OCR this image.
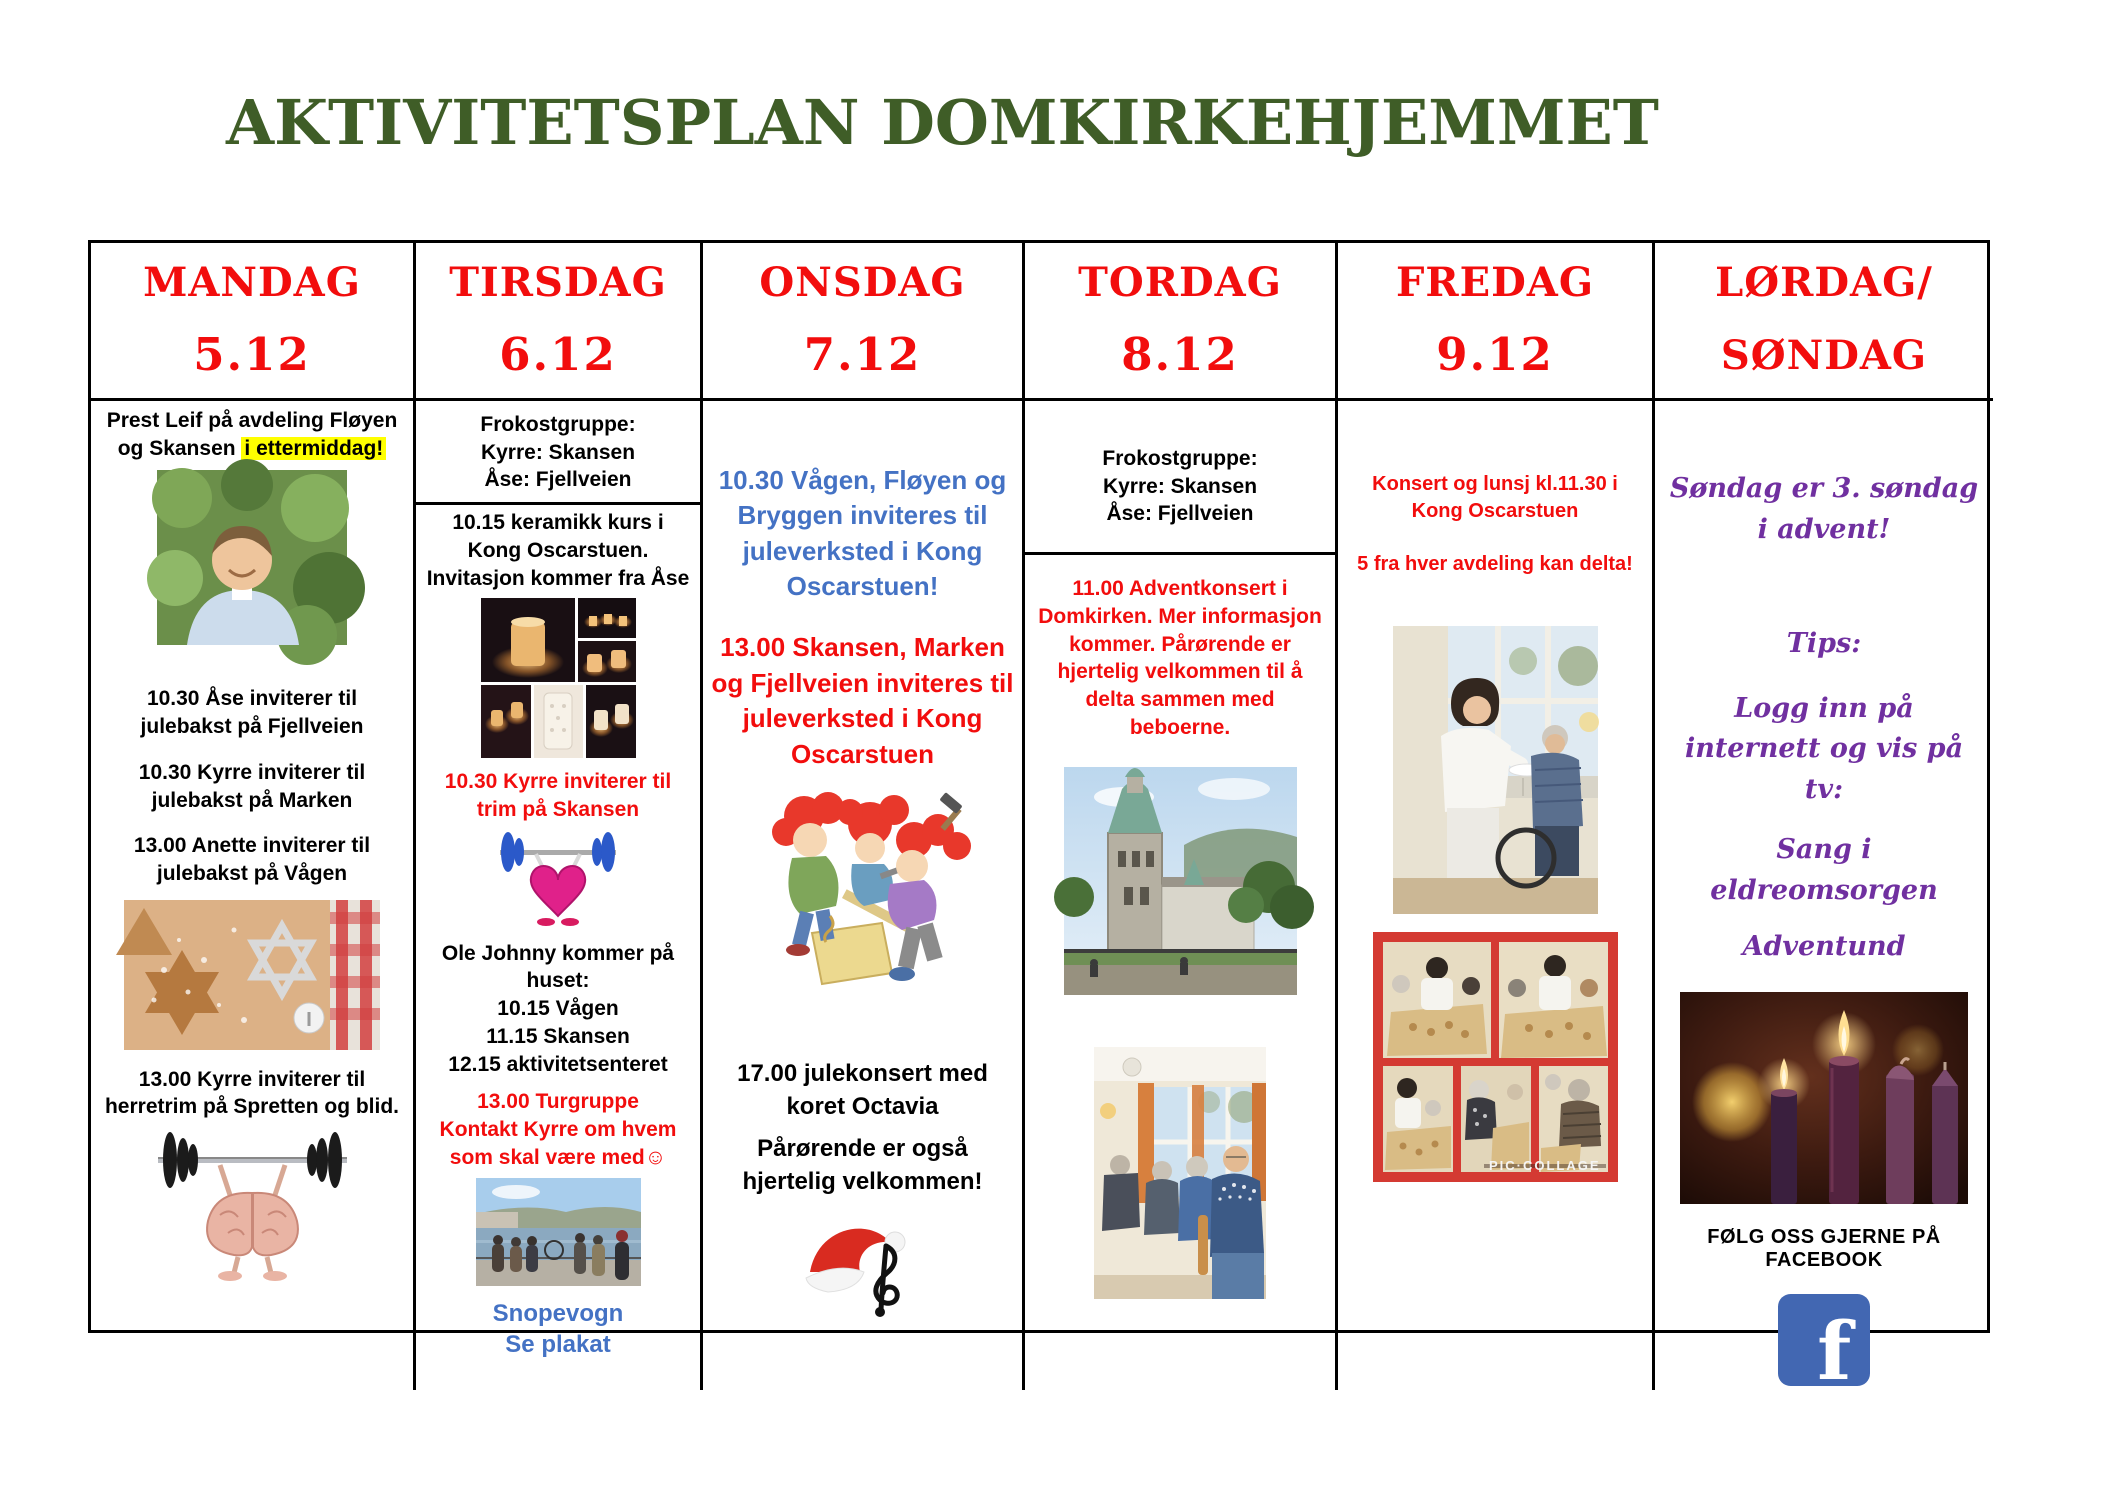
AKTIVITETSPLAN DOMKIRKEHJEMMET
MANDAG
5.12
TIRSDAG
6.12
ONSDAG
7.12
TORDAG
8.12
FREDAG
9.12
LØRDAG/
SØNDAG
Prest Leif på avdeling Fløyen og Skansen i ettermiddag!
10.30 Åse inviterer til julebakst på Fjellveien
10.30 Kyrre inviterer til julebakst på Marken
13.00 Anette inviterer til julebakst på Vågen
13.00 Kyrre inviterer til herretrim på Spretten og blid.
Frokostgruppe:
Kyrre: Skansen
Åse: Fjellveien
10.15 keramikk kurs i Kong Oscarstuen. Invitasjon kommer fra Åse
10.30 Kyrre inviterer til trim på Skansen
Ole Johnny kommer på huset:
10.15 Vågen
11.15 Skansen
12.15 aktivitetsenteret
13.00 Turgruppe
Kontakt Kyrre om hvem som skal være med☺
Snopevogn
Se plakat
10.30 Vågen, Fløyen og Bryggen inviteres til juleverksted i Kong Oscarstuen!
13.00 Skansen, Marken og Fjellveien inviteres til juleverksted i Kong Oscarstuen
17.00 julekonsert med koret Octavia
Pårørende er også hjertelig velkommen!
Frokostgruppe:
Kyrre: Skansen
Åse: Fjellveien
11.00 Adventkonsert i Domkirken. Mer informasjon kommer. Pårørende er hjertelig velkommen til å delta sammen med beboerne.
Konsert og lunsj kl.11.30 i Kong Oscarstuen
5 fra hver avdeling kan delta!
PIC·COLLAGE
Søndag er 3. søndag i advent!
Tips:
Logg inn på internett og vis på tv:
Sang i eldreomsorgen
Adventund
FØLG OSS GJERNE PÅ FACEBOOK
f
